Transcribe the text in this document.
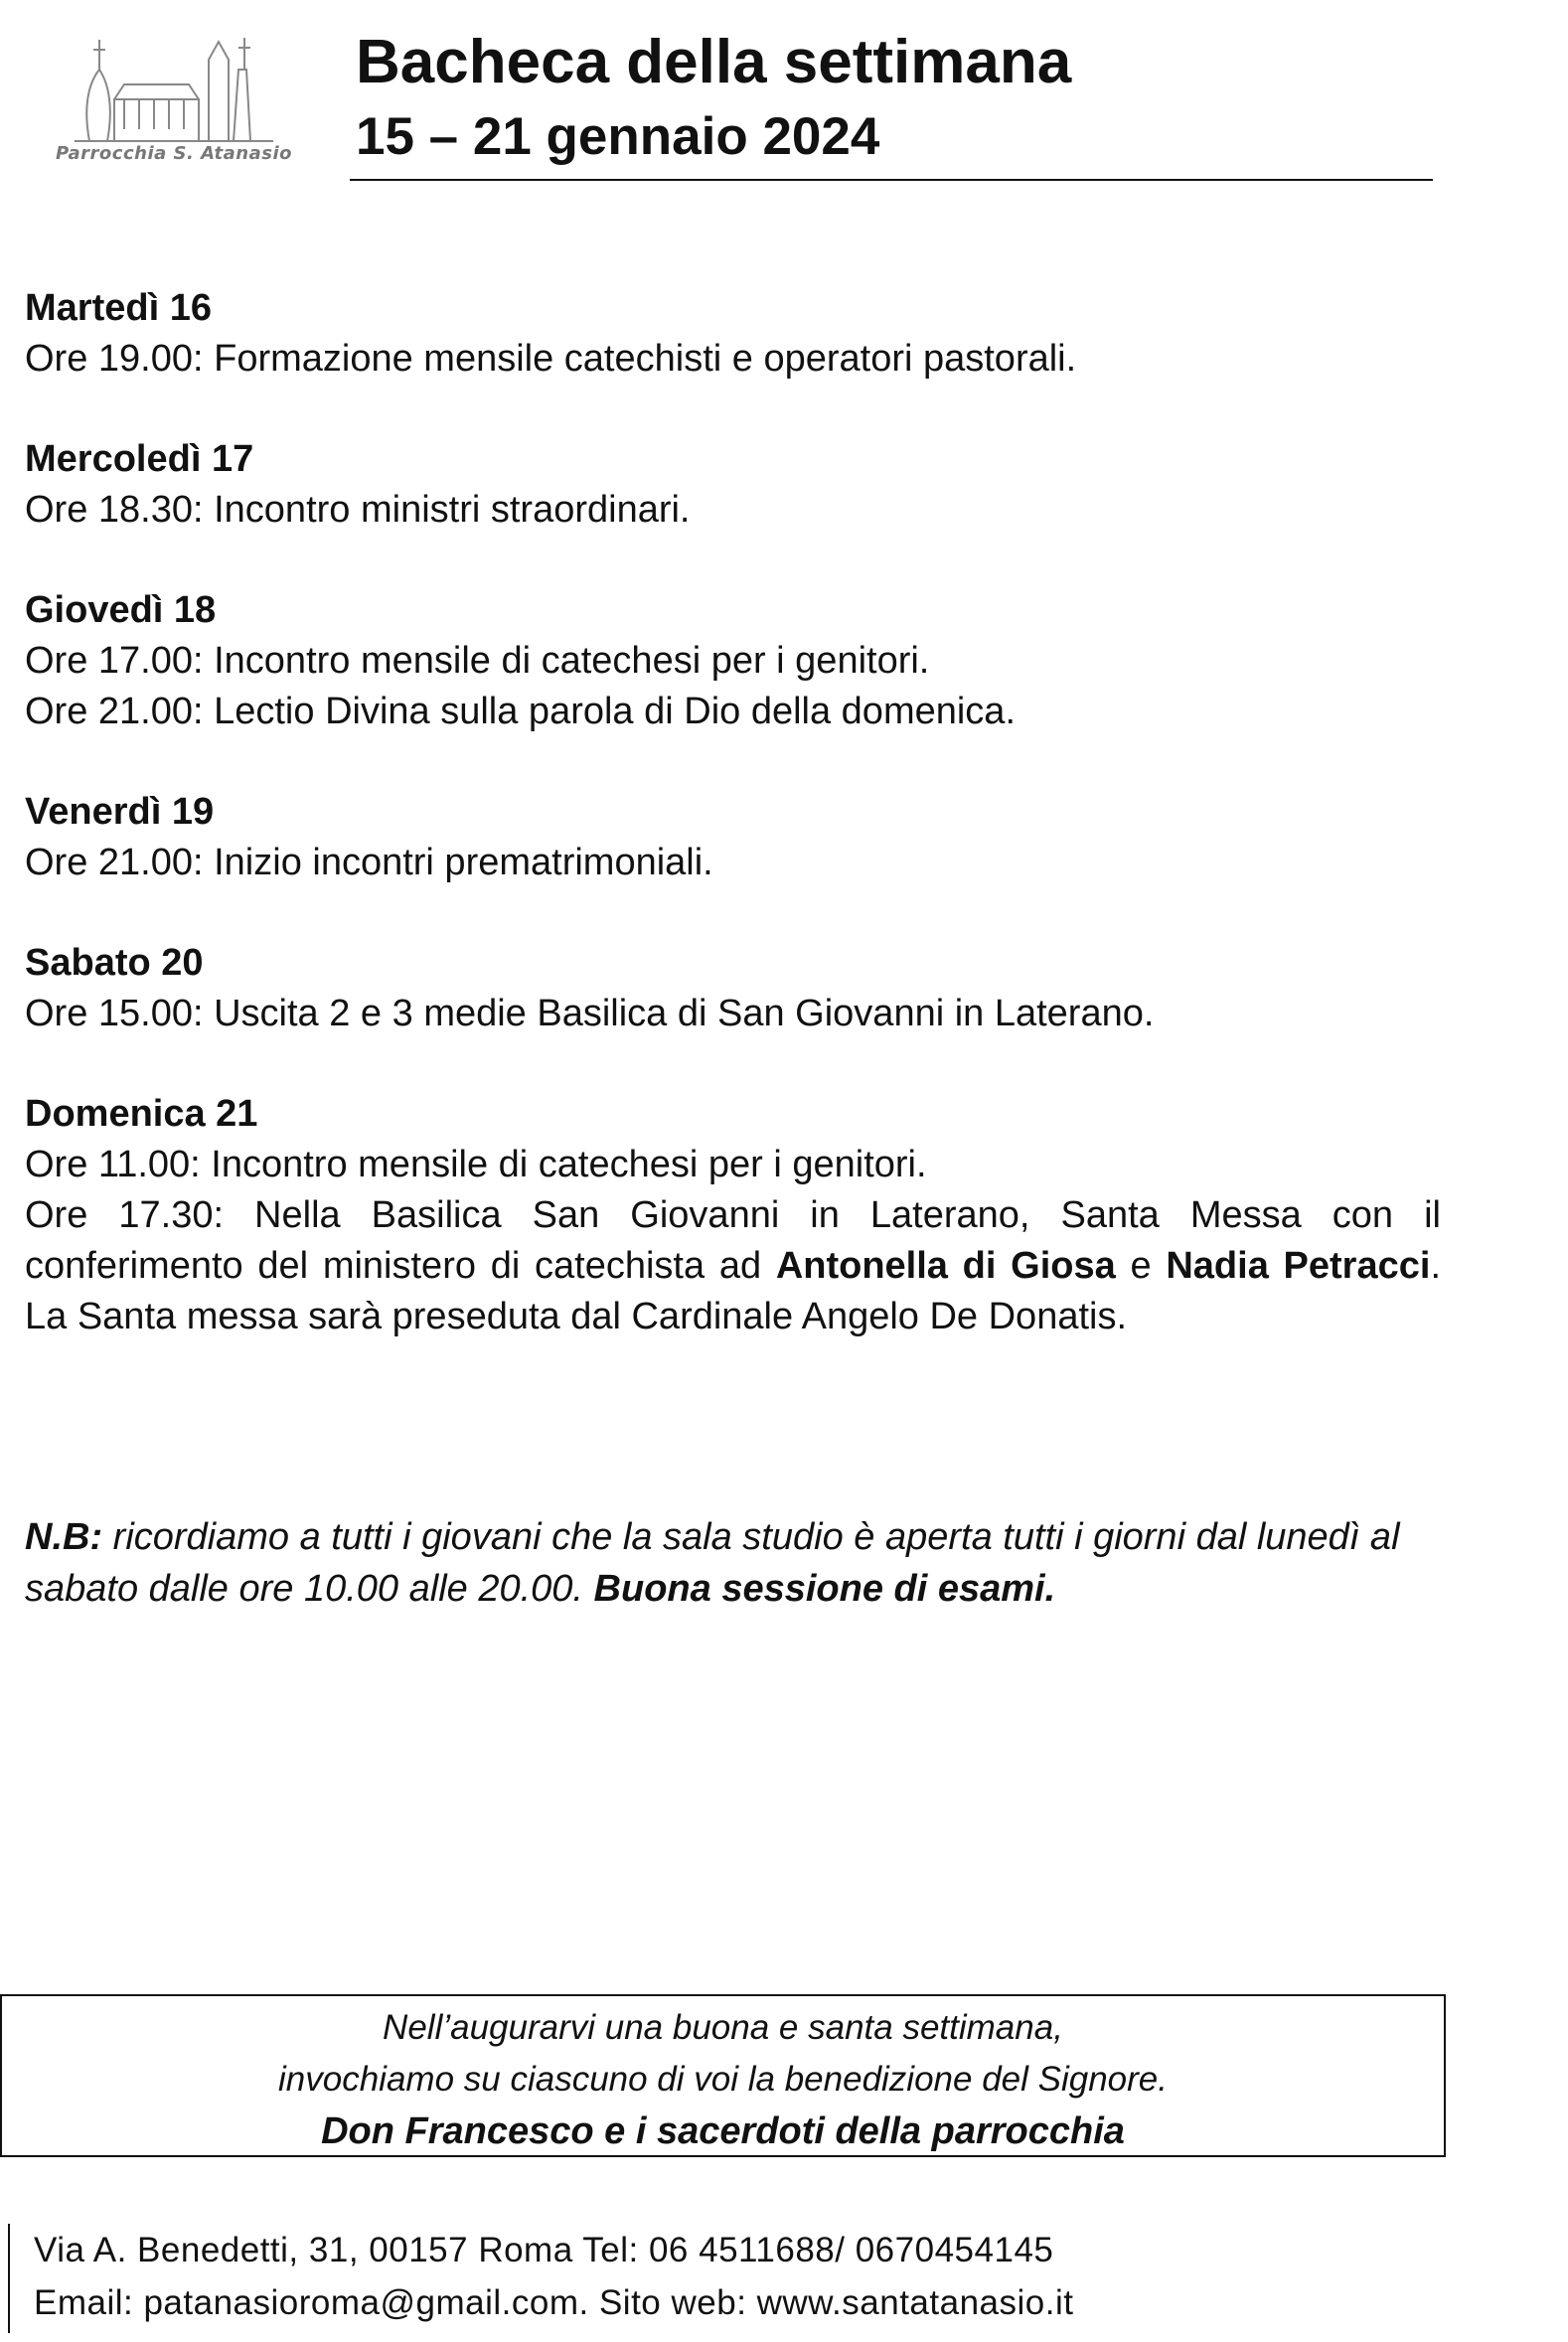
Parrocchia S. Atanasio
Bacheca della settimana
15 – 21 gennaio 2024
Martedì 16
Ore 19.00: Formazione mensile catechisti e operatori pastorali.
Mercoledì 17
Ore 18.30: Incontro ministri straordinari.
Giovedì 18
Ore 17.00: Incontro mensile di catechesi per i genitori.
Ore 21.00: Lectio Divina sulla parola di Dio della domenica.
Venerdì 19
Ore 21.00: Inizio incontri prematrimoniali.
Sabato 20
Ore 15.00: Uscita 2 e 3 medie Basilica di San Giovanni in Laterano.
Domenica 21
Ore 11.00: Incontro mensile di catechesi per i genitori.
Ore 17.30: Nella Basilica San Giovanni in Laterano, Santa Messa con il conferimento del ministero di catechista ad Antonella di Giosa e Nadia Petracci. La Santa messa sarà preseduta dal Cardinale Angelo De Donatis.
N.B: ricordiamo a tutti i giovani che la sala studio è aperta tutti i giorni dal lunedì al sabato dalle ore 10.00 alle 20.00. Buona sessione di esami.
Nell’augurarvi una buona e santa settimana,
invochiamo su ciascuno di voi la benedizione del Signore.
Don Francesco e i sacerdoti della parrocchia
Via A. Benedetti, 31, 00157 Roma Tel: 06 4511688/ 0670454145
Email: patanasioroma@gmail.com. Sito web: www.santatanasio.it
